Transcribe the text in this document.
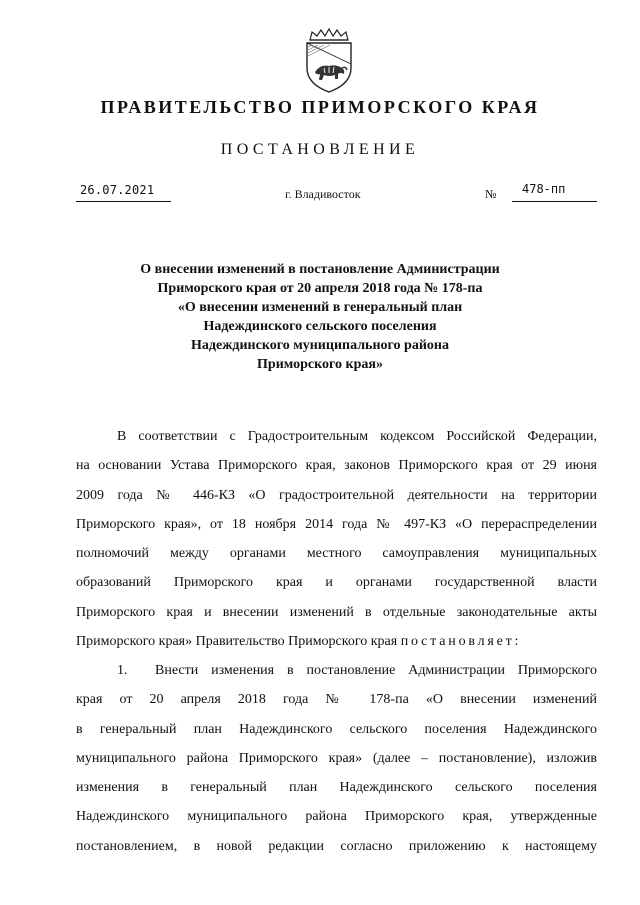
ПРАВИТЕЛЬСТВО ПРИМОРСКОГО КРАЯ
ПОСТАНОВЛЕНИЕ
26.07.2021	г. Владивосток	№ 478-пп
О внесении изменений в постановление Администрации
Приморского края от 20 апреля 2018 года № 178-па
«О внесении изменений в генеральный план
Надеждинского сельского поселения
Надеждинского муниципального района
Приморского края»
В соответствии с Градостроительным кодексом Российской Федерации,
на основании Устава Приморского края, законов Приморского края от 29 июня
2009 года № 446-КЗ «О градостроительной деятельности на территории
Приморского края», от 18 ноября 2014 года № 497-КЗ «О перераспределении
полномочий между органами местного самоуправления муниципальных
образований Приморского края и органами государственной власти
Приморского края и внесении изменений в отдельные законодательные акты
Приморского края» Правительство Приморского края постановляет:
1. Внести изменения в постановление Администрации Приморского
края от 20 апреля 2018 года № 178-па «О внесении изменений
в генеральный план Надеждинского сельского поселения Надеждинского
муниципального района Приморского края» (далее – постановление), изложив
изменения в генеральный план Надеждинского сельского поселения
Надеждинского муниципального района Приморского края, утвержденные
постановлением, в новой редакции согласно приложению к настоящему
